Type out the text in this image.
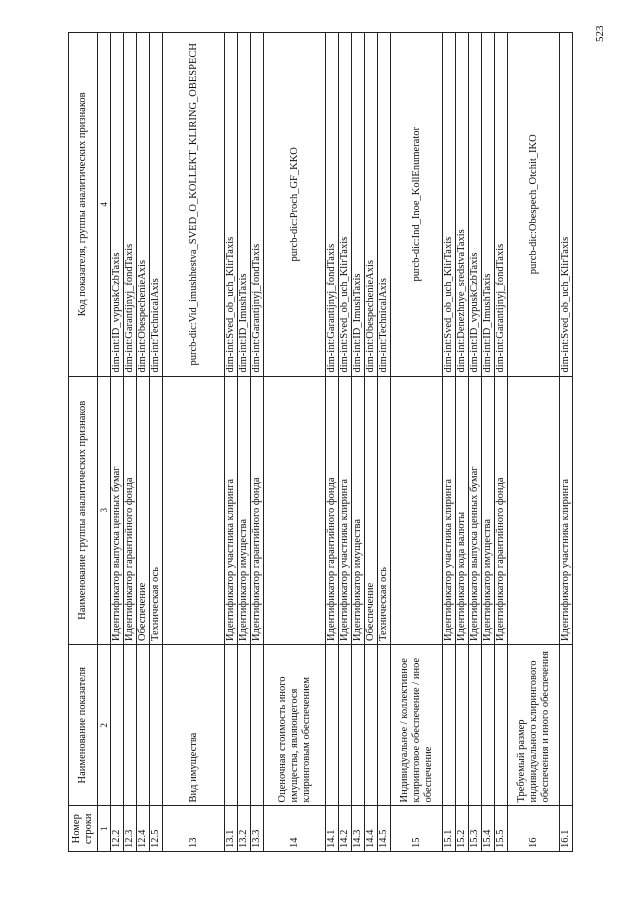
523
Номер строки	Наименование показателя	Наименование группы аналитических признаков	Код показателя, группы аналитических признаков
1	2	3	4
12.2		Идентификатор выпуска ценных бумаг	dim-int:ID_vypuskCzbTaxis
12.3		Идентификатор гарантийного фонда	dim-int:Garantijnyj_fondTaxis
12.4		Обеспечение	dim-int:ObespechenieAxis
12.5		Техническая ось	dim-int:TechnicalAxis
13	Вид имущества		purcb-dic:Vid_imushhestva_SVED_O_KOLLEKT_KLIRING_OBESPECH
13.1		Идентификатор участника клиринга	dim-int:Sved_ob_uch_KlirTaxis
13.2		Идентификатор имущества	dim-int:ID_ImushTaxis
13.3		Идентификатор гарантийного фонда	dim-int:Garantijnyj_fondTaxis
14	Оценочная стоимость иного имущества, являющегося клиринговым обеспечением		purcb-dic:Proch_GF_KKO
14.1		Идентификатор гарантийного фонда	dim-int:Garantijnyj_fondTaxis
14.2		Идентификатор участника клиринга	dim-int:Sved_ob_uch_KlirTaxis
14.3		Идентификатор имущества	dim-int:ID_ImushTaxis
14.4		Обеспечение	dim-int:ObespechenieAxis
14.5		Техническая ось	dim-int:TechnicalAxis
15	Индивидуальное / коллективное клиринговое обеспечение / иное обеспечение		purcb-dic:Ind_Inoe_KollEnumerator
15.1		Идентификатор участника клиринга	dim-int:Sved_ob_uch_KlirTaxis
15.2		Идентификатор кода валюты	dim-int:Denezhnye_sredstvaTaxis
15.3		Идентификатор выпуска ценных бумаг	dim-int:ID_vypuskCzbTaxis
15.4		Идентификатор имущества	dim-int:ID_ImushTaxis
15.5		Идентификатор гарантийного фонда	dim-int:Garantijnyj_fondTaxis
16	Требуемый размер индивидуального клирингового обеспечения и иного обеспечения		purcb-dic:Obespech_Otchit_IKO
16.1		Идентификатор участника клиринга	dim-int:Sved_ob_uch_KlirTaxis
